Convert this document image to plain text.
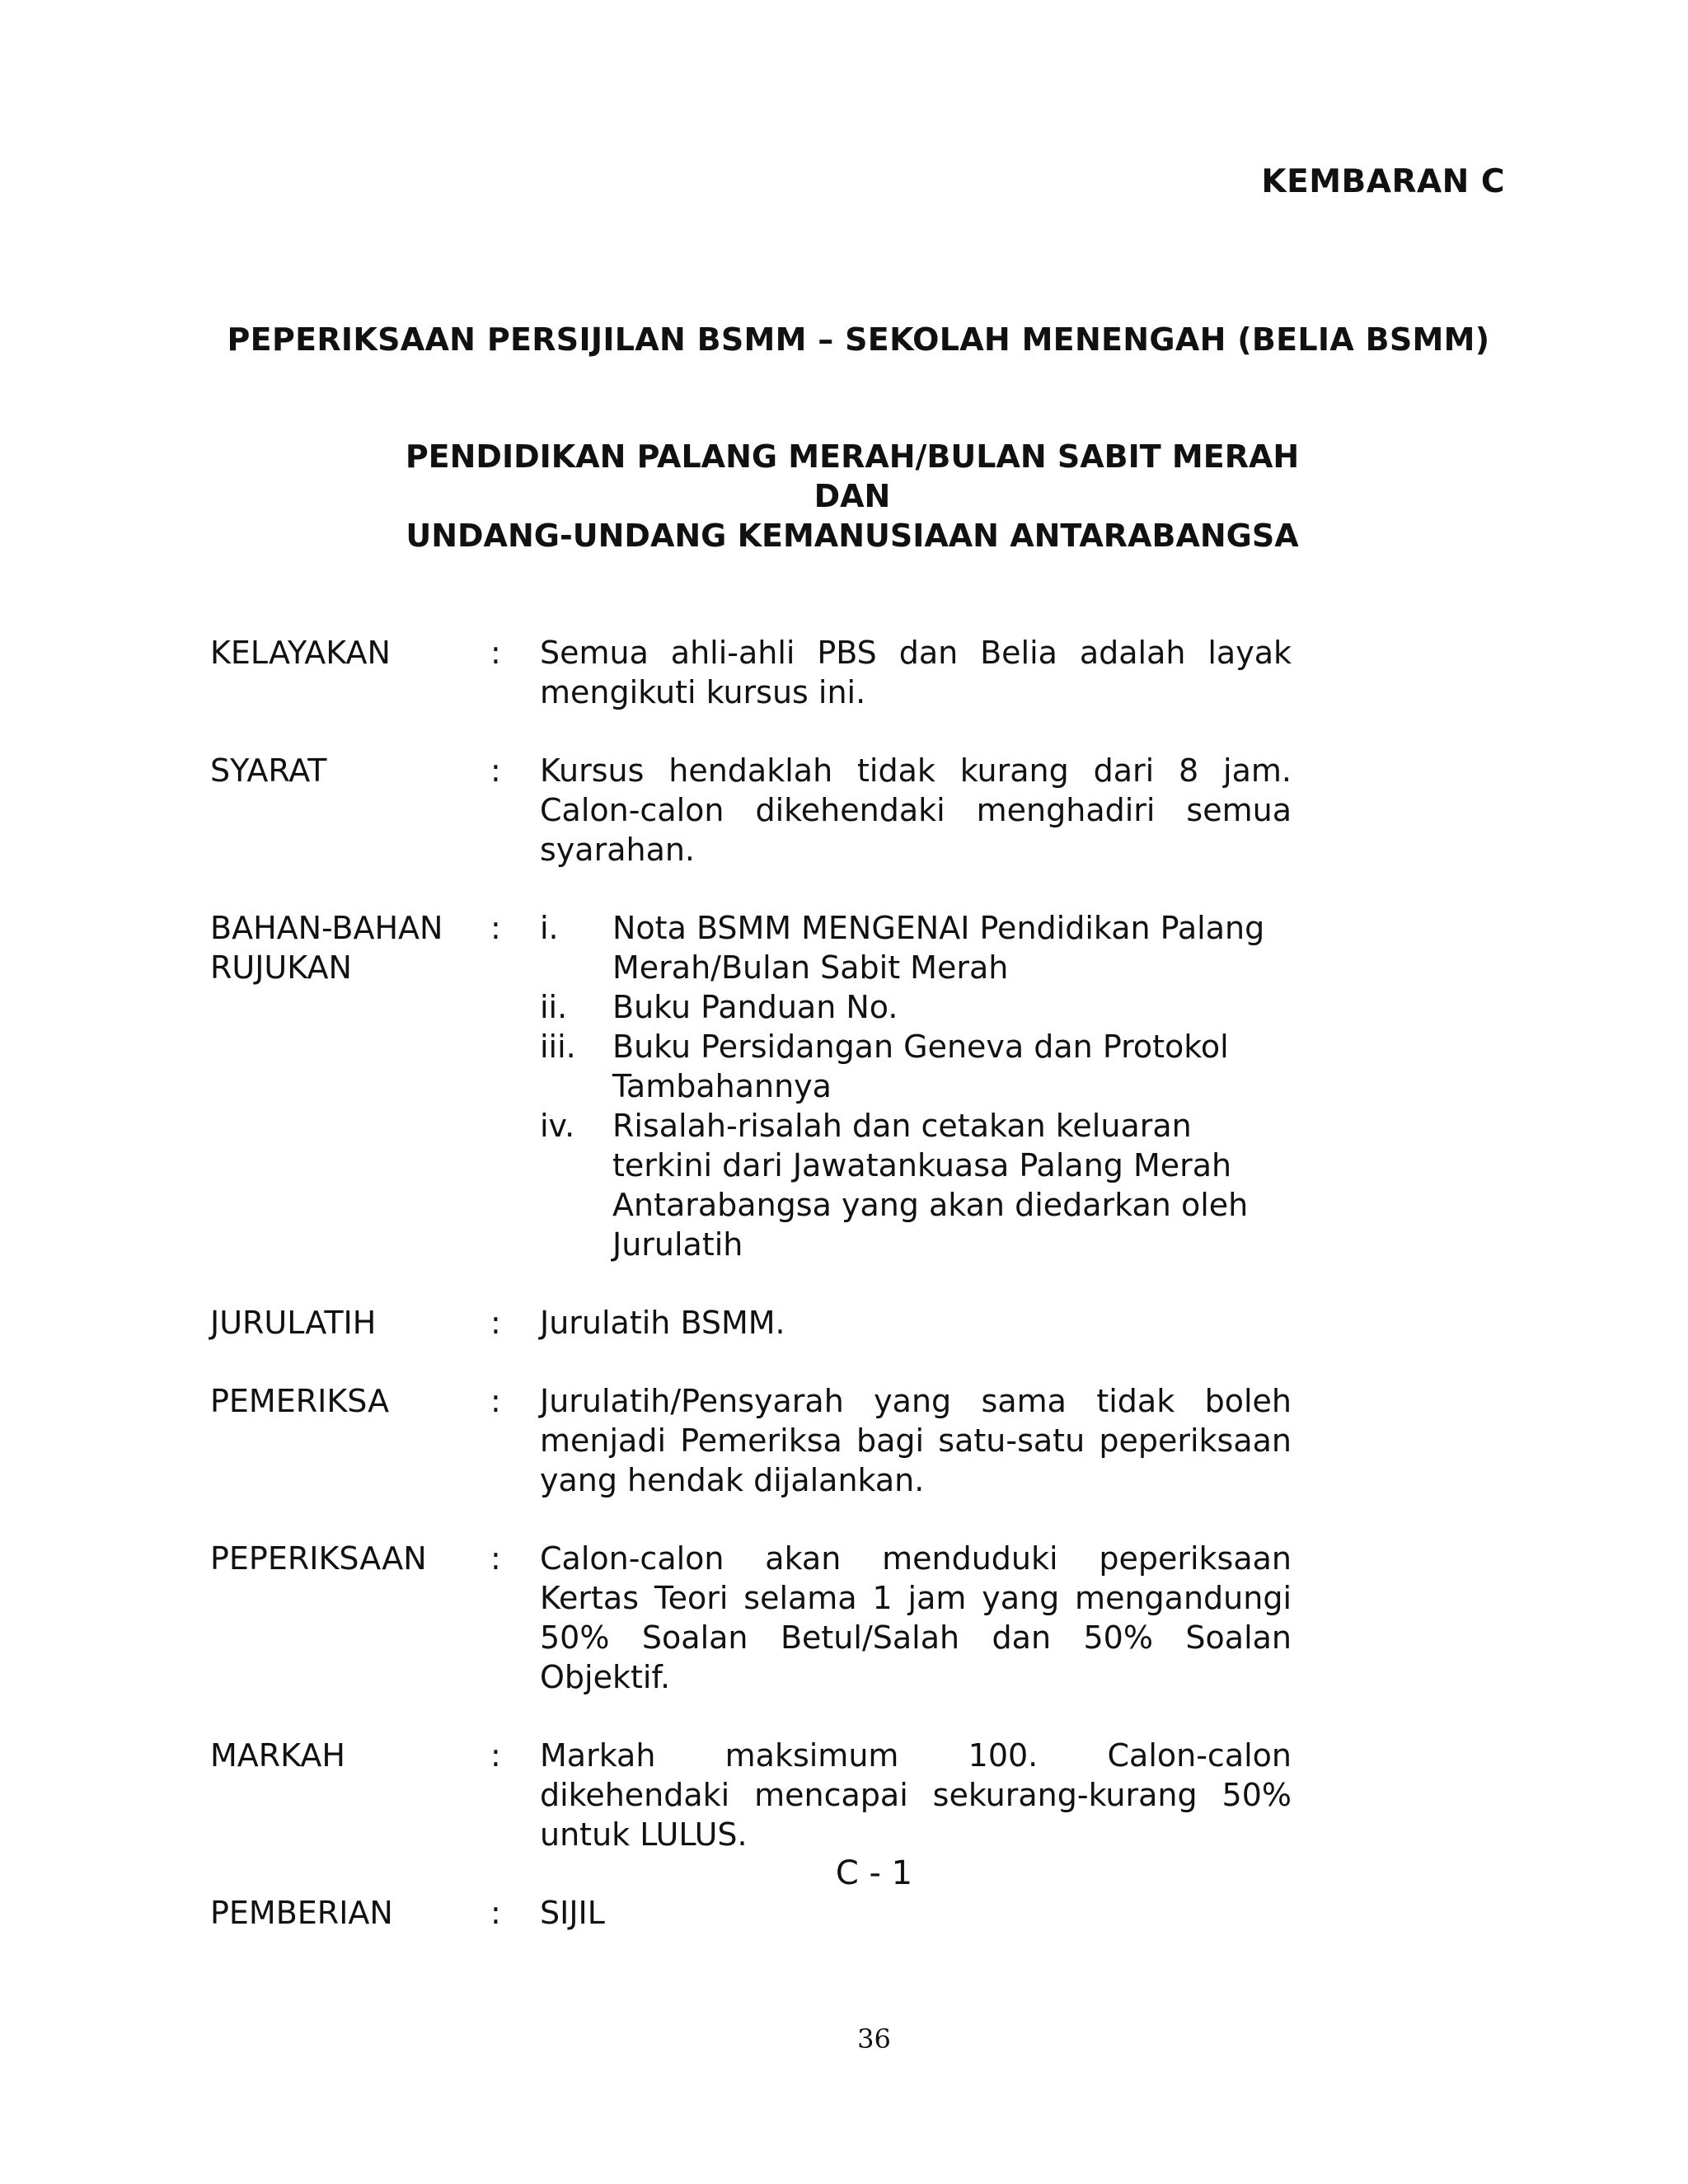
KEMBARAN C
PEPERIKSAAN PERSIJILAN BSMM – SEKOLAH MENENGAH (BELIA BSMM)
PENDIDIKAN PALANG MERAH/BULAN SABIT MERAH
DAN
UNDANG-UNDANG KEMANUSIAAN ANTARABANGSA
KELAYAKAN	:	Semua ahli-ahli PBS dan Belia adalah layak mengikuti kursus ini.
SYARAT	:	Kursus hendaklah tidak kurang dari 8 jam. Calon-calon dikehendaki menghadiri semua syarahan.
BAHAN-BAHAN
RUJUKAN
:	i.	Nota BSMM MENGENAI Pendidikan Palang Merah/Bulan Sabit Merah
ii.	Buku Panduan No.
iii.	Buku Persidangan Geneva dan Protokol Tambahannya
iv.	Risalah-risalah dan cetakan keluaran terkini dari Jawatankuasa Palang Merah Antarabangsa yang akan diedarkan oleh Jurulatih
JURULATIH	:	Jurulatih BSMM.
PEMERIKSA	:	Jurulatih/Pensyarah yang sama tidak boleh menjadi Pemeriksa bagi satu-satu peperiksaan yang hendak dijalankan.
PEPERIKSAAN	:	Calon-calon akan menduduki peperiksaan Kertas Teori selama 1 jam yang mengandungi 50% Soalan Betul/Salah dan 50% Soalan Objektif.
MARKAH	:	Markah maksimum 100. Calon-calon dikehendaki mencapai sekurang-kurang 50% untuk LULUS.
PEMBERIAN	:	SIJIL
C - 1
36
